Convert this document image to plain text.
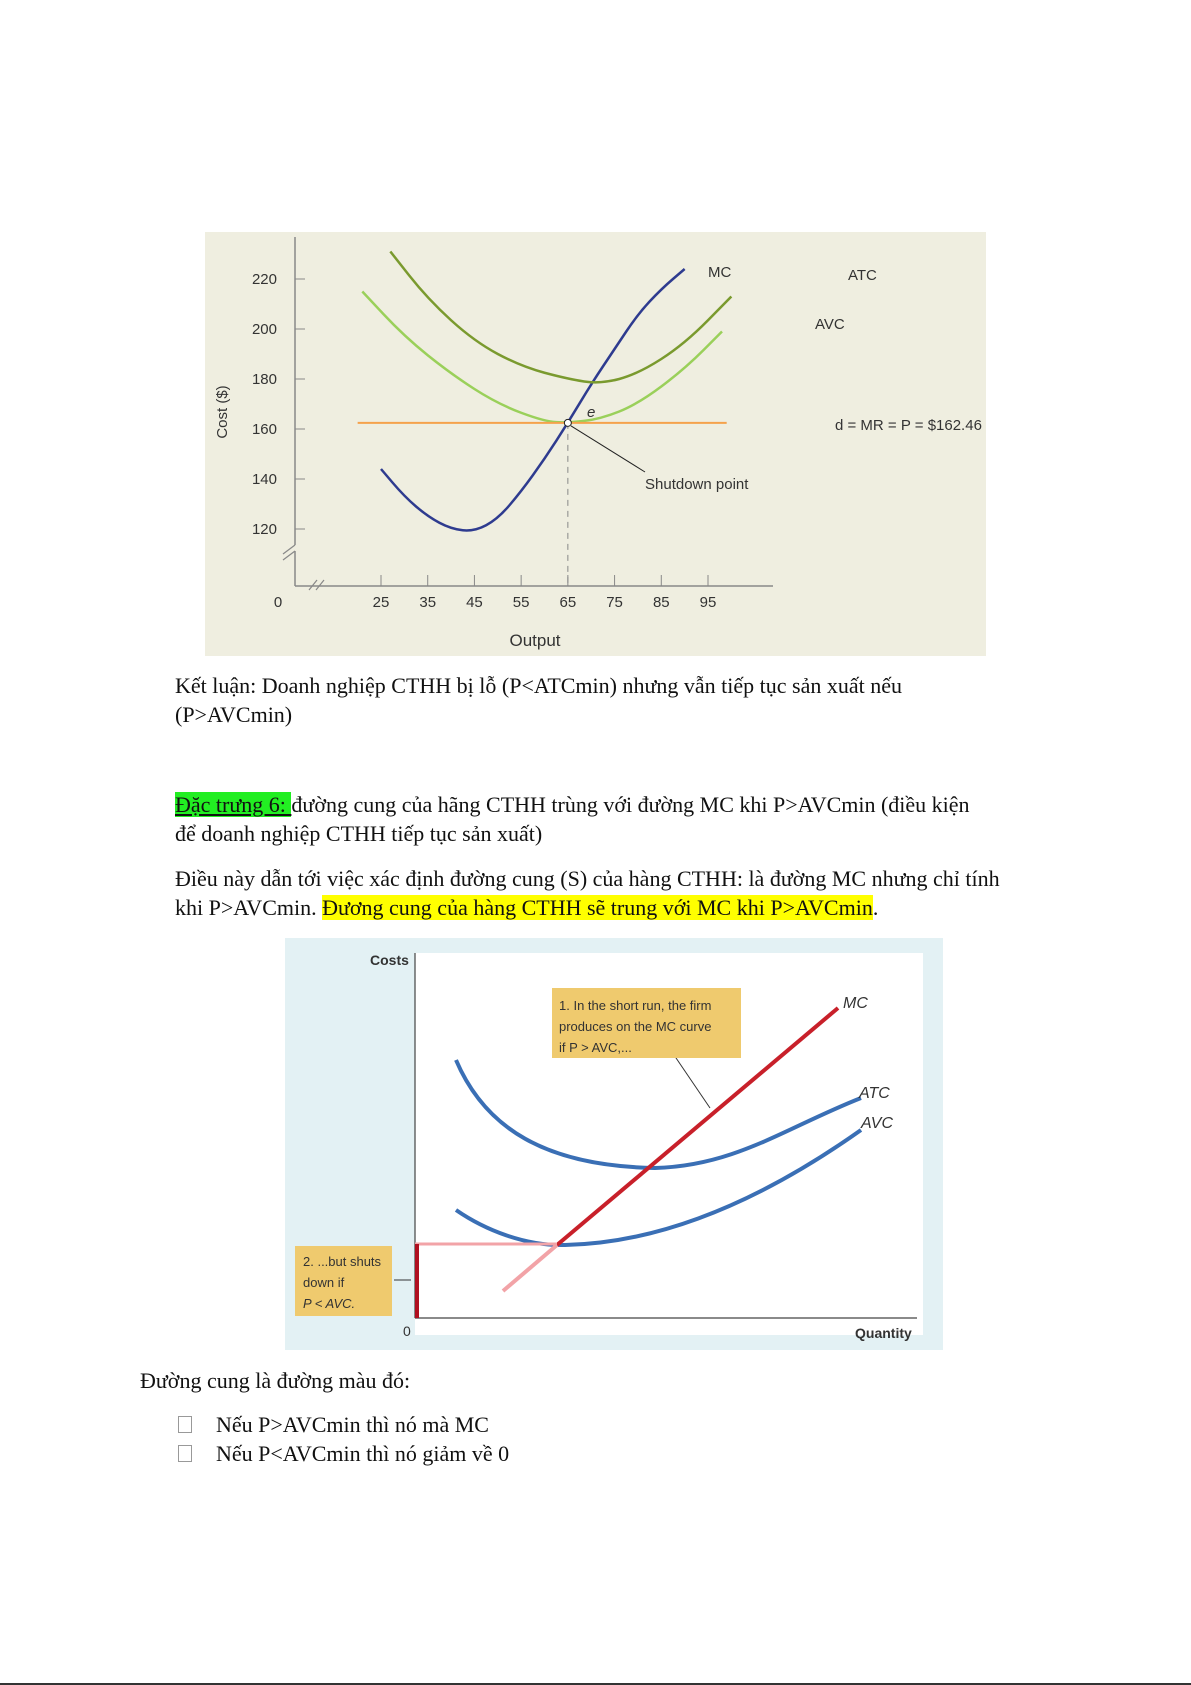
Cost ($)
Output
0
220
200
180
160
140
120
25 35 45 55 65 75 85 95
MC	ATC
AVC
d = MR = P = $162.46
e
Shutdown point
Kết luận: Doanh nghiệp CTHH bị lỗ (P<ATCmin) nhưng vẫn tiếp tục sản xuất nếu
(P>AVCmin)
Đặc trưng 6: đường cung của hãng CTHH trùng với đường MC khi P>AVCmin (điều kiện
để doanh nghiệp CTHH tiếp tục sản xuất)
Điều này dẫn tới việc xác định đường cung (S) của hàng CTHH: là đường MC nhưng chỉ tính
khi P>AVCmin. Đương cung của hàng CTHH sẽ trung với MC khi P>AVCmin.
Costs
Quantity
0
MC
ATC
AVC
1. In the short run, the firm
produces on the MC curve
if P > AVC,...
2. ...but shuts
down if
P < AVC.
Đường cung là đường màu đó:
Nếu P>AVCmin thì nó mà MC
Nếu P<AVCmin thì nó giảm về 0
